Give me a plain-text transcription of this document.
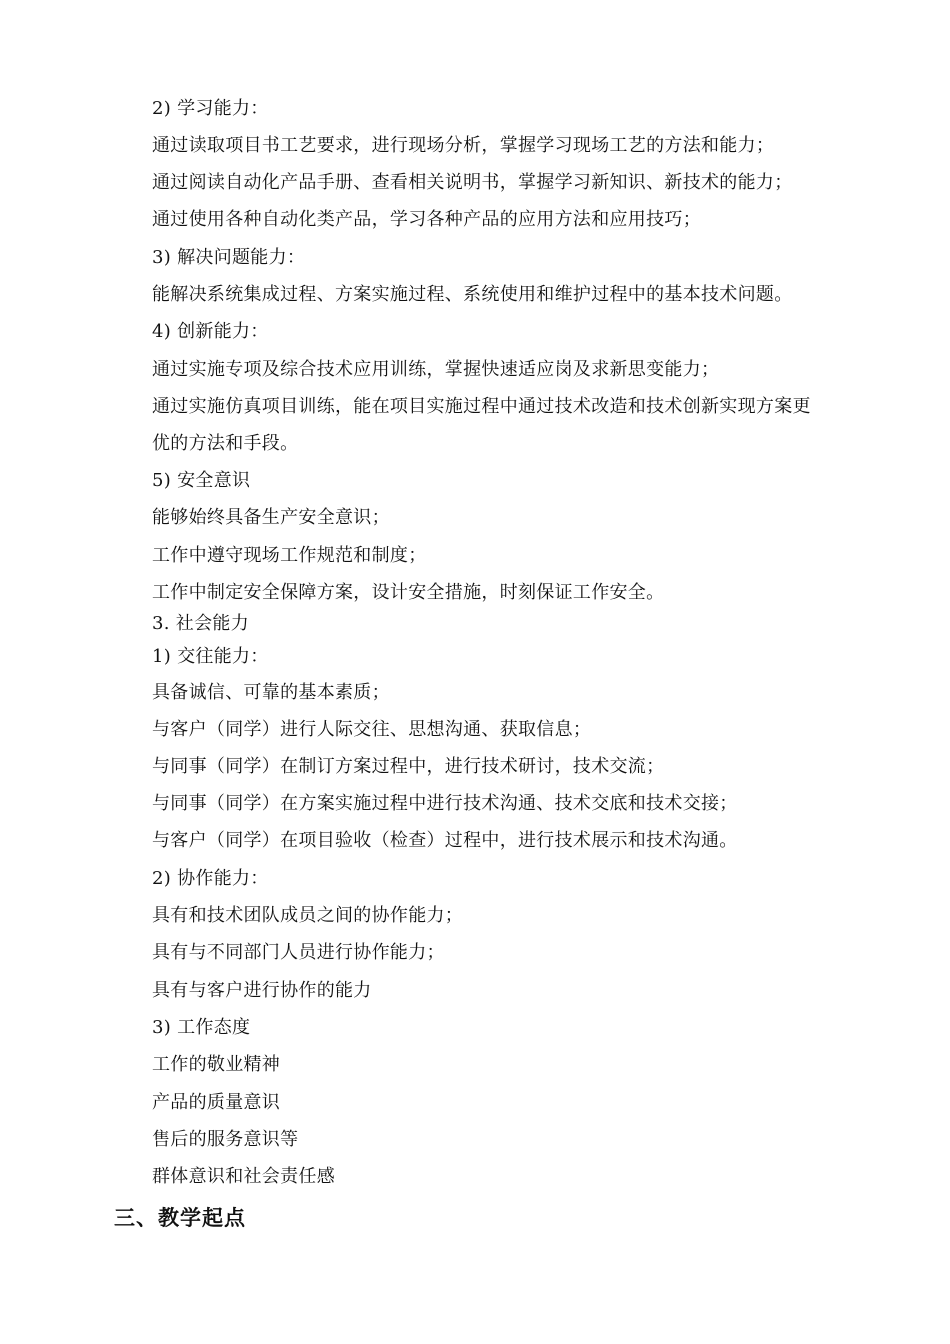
2) 学习能力：
通过读取项目书工艺要求，进行现场分析，掌握学习现场工艺的方法和能力；
通过阅读自动化产品手册、查看相关说明书，掌握学习新知识、新技术的能力；
通过使用各种自动化类产品，学习各种产品的应用方法和应用技巧；
3) 解决问题能力：
能解决系统集成过程、方案实施过程、系统使用和维护过程中的基本技术问题。
4) 创新能力：
通过实施专项及综合技术应用训练，掌握快速适应岗及求新思变能力；
通过实施仿真项目训练，能在项目实施过程中通过技术改造和技术创新实现方案更
优的方法和手段。
5) 安全意识
能够始终具备生产安全意识；
工作中遵守现场工作规范和制度；
工作中制定安全保障方案，设计安全措施，时刻保证工作安全。
3. 社会能力
1) 交往能力：
具备诚信、可靠的基本素质；
与客户（同学）进行人际交往、思想沟通、获取信息；
与同事（同学）在制订方案过程中，进行技术研讨，技术交流；
与同事（同学）在方案实施过程中进行技术沟通、技术交底和技术交接；
与客户（同学）在项目验收（检查）过程中，进行技术展示和技术沟通。
2) 协作能力：
具有和技术团队成员之间的协作能力；
具有与不同部门人员进行协作能力；
具有与客户进行协作的能力
3) 工作态度
工作的敬业精神
产品的质量意识
售后的服务意识等
群体意识和社会责任感
三、教学起点
